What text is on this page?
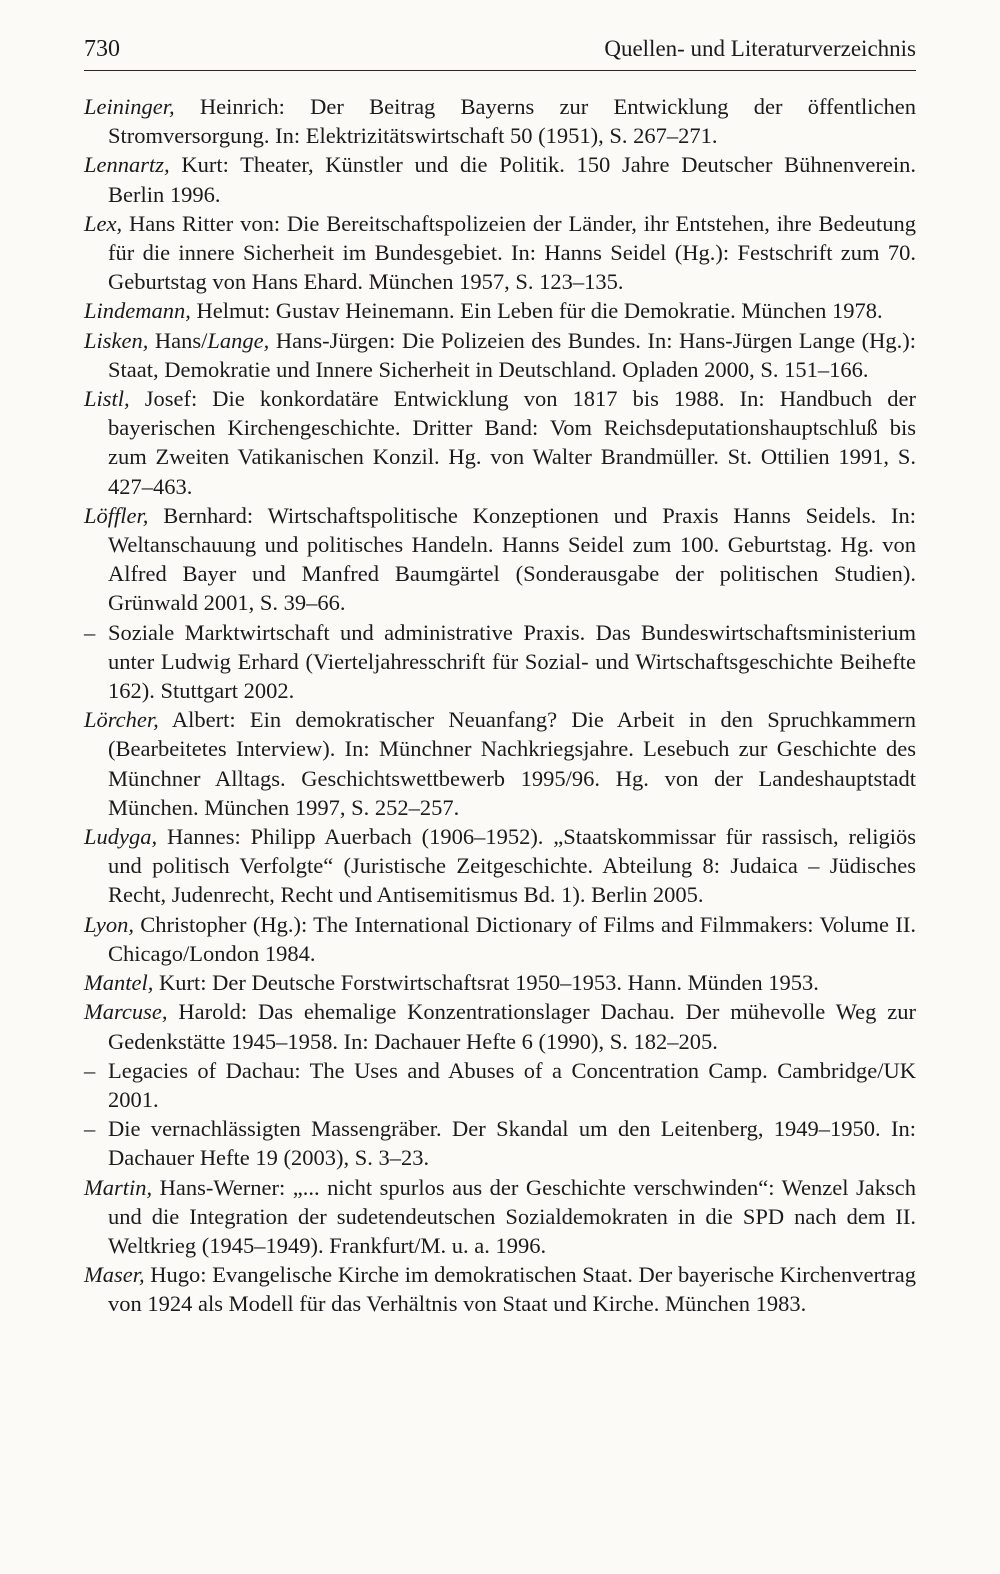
730	Quellen- und Literaturverzeichnis

Leininger, Heinrich: Der Beitrag Bayerns zur Entwicklung der öffentlichen Stromversorgung. In: Elektrizitätswirtschaft 50 (1951), S. 267–271.

Lennartz, Kurt: Theater, Künstler und die Politik. 150 Jahre Deutscher Bühnenverein. Berlin 1996.

Lex, Hans Ritter von: Die Bereitschaftspolizeien der Länder, ihr Entstehen, ihre Bedeutung für die innere Sicherheit im Bundesgebiet. In: Hanns Seidel (Hg.): Festschrift zum 70. Geburtstag von Hans Ehard. München 1957, S. 123–135.

Lindemann, Helmut: Gustav Heinemann. Ein Leben für die Demokratie. München 1978.

Lisken, Hans/Lange, Hans-Jürgen: Die Polizeien des Bundes. In: Hans-Jürgen Lange (Hg.): Staat, Demokratie und Innere Sicherheit in Deutschland. Opladen 2000, S. 151–166.

Listl, Josef: Die konkordatäre Entwicklung von 1817 bis 1988. In: Handbuch der bayerischen Kirchengeschichte. Dritter Band: Vom Reichsdeputationshauptschluß bis zum Zweiten Vatikanischen Konzil. Hg. von Walter Brandmüller. St. Ottilien 1991, S. 427–463.

Löffler, Bernhard: Wirtschaftspolitische Konzeptionen und Praxis Hanns Seidels. In: Weltanschauung und politisches Handeln. Hanns Seidel zum 100. Geburtstag. Hg. von Alfred Bayer und Manfred Baumgärtel (Sonderausgabe der politischen Studien). Grünwald 2001, S. 39–66.

– Soziale Marktwirtschaft und administrative Praxis. Das Bundeswirtschaftsministerium unter Ludwig Erhard (Vierteljahresschrift für Sozial- und Wirtschaftsgeschichte Beihefte 162). Stuttgart 2002.

Lörcher, Albert: Ein demokratischer Neuanfang? Die Arbeit in den Spruchkammern (Bearbeitetes Interview). In: Münchner Nachkriegsjahre. Lesebuch zur Geschichte des Münchner Alltags. Geschichtswettbewerb 1995/96. Hg. von der Landeshauptstadt München. München 1997, S. 252–257.

Ludyga, Hannes: Philipp Auerbach (1906–1952). „Staatskommissar für rassisch, religiös und politisch Verfolgte“ (Juristische Zeitgeschichte. Abteilung 8: Judaica – Jüdisches Recht, Judenrecht, Recht und Antisemitismus Bd. 1). Berlin 2005.

Lyon, Christopher (Hg.): The International Dictionary of Films and Filmmakers: Volume II. Chicago/London 1984.

Mantel, Kurt: Der Deutsche Forstwirtschaftsrat 1950–1953. Hann. Münden 1953.

Marcuse, Harold: Das ehemalige Konzentrationslager Dachau. Der mühevolle Weg zur Gedenkstätte 1945–1958. In: Dachauer Hefte 6 (1990), S. 182–205.

– Legacies of Dachau: The Uses and Abuses of a Concentration Camp. Cambridge/UK 2001.

– Die vernachlässigten Massengräber. Der Skandal um den Leitenberg, 1949–1950. In: Dachauer Hefte 19 (2003), S. 3–23.

Martin, Hans-Werner: „... nicht spurlos aus der Geschichte verschwinden“: Wenzel Jaksch und die Integration der sudetendeutschen Sozialdemokraten in die SPD nach dem II. Weltkrieg (1945–1949). Frankfurt/M. u. a. 1996.

Maser, Hugo: Evangelische Kirche im demokratischen Staat. Der bayerische Kirchenvertrag von 1924 als Modell für das Verhältnis von Staat und Kirche. München 1983.
